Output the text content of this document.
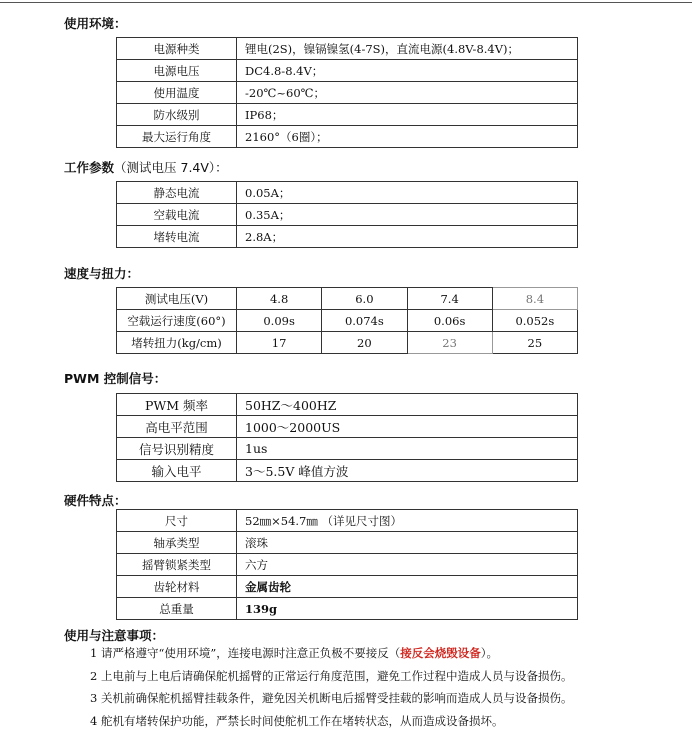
使用环境：
电源种类	锂电(2S)，镍镉镍氢(4-7S)，直流电源(4.8V-8.4V)；
电源电压	DC4.8-8.4V；
使用温度	-20℃~60℃；
防水级别	IP68；
最大运行角度	2160°（6圈）；
工作参数（测试电压 7.4V）：
静态电流	0.05A；
空载电流	0.35A；
堵转电流	2.8A；
速度与扭力：
测试电压(V)	4.8	6.0	7.4	8.4
空载运行速度(60°)	0.09s	0.074s	0.06s	0.052s
堵转扭力(kg/cm)	17	20	23	25
PWM 控制信号：
PWM 频率	50HZ～400HZ
高电平范围	1000～2000US
信号识别精度	1us
输入电平	3～5.5V 峰值方波
硬件特点：
尺寸	52㎜×54.7㎜ （详见尺寸图）
轴承类型	滚珠
摇臂锁紧类型	六方
齿轮材料	金属齿轮
总重量	139g
使用与注意事项：
1 请严格遵守“使用环境”，连接电源时注意正负极不要接反（接反会烧毁设备）。
2 上电前与上电后请确保舵机摇臂的正常运行角度范围，避免工作过程中造成人员与设备损伤。
3 关机前确保舵机摇臂挂载条件，避免因关机断电后摇臂受挂载的影响而造成人员与设备损伤。
4 舵机有堵转保护功能，严禁长时间使舵机工作在堵转状态，从而造成设备损坏。
